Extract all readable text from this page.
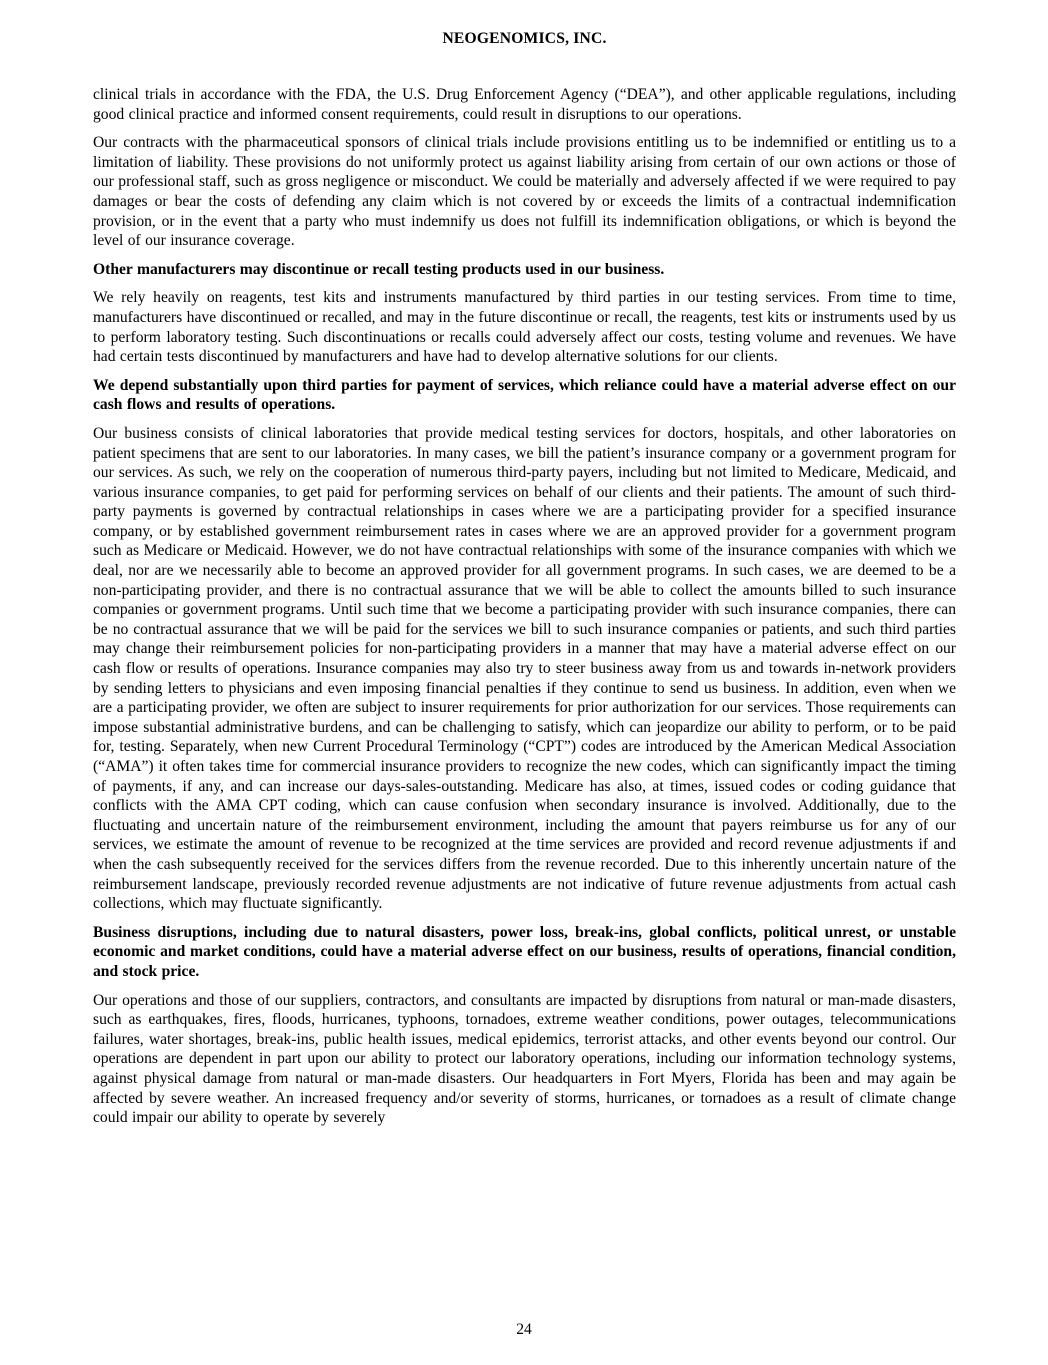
NEOGENOMICS, INC.

clinical trials in accordance with the FDA, the U.S. Drug Enforcement Agency (“DEA”), and other applicable regulations, including good clinical practice and informed consent requirements, could result in disruptions to our operations.

Our contracts with the pharmaceutical sponsors of clinical trials include provisions entitling us to be indemnified or entitling us to a limitation of liability. These provisions do not uniformly protect us against liability arising from certain of our own actions or those of our professional staff, such as gross negligence or misconduct. We could be materially and adversely affected if we were required to pay damages or bear the costs of defending any claim which is not covered by or exceeds the limits of a contractual indemnification provision, or in the event that a party who must indemnify us does not fulfill its indemnification obligations, or which is beyond the level of our insurance coverage.

Other manufacturers may discontinue or recall testing products used in our business.

We rely heavily on reagents, test kits and instruments manufactured by third parties in our testing services. From time to time, manufacturers have discontinued or recalled, and may in the future discontinue or recall, the reagents, test kits or instruments used by us to perform laboratory testing. Such discontinuations or recalls could adversely affect our costs, testing volume and revenues. We have had certain tests discontinued by manufacturers and have had to develop alternative solutions for our clients.

We depend substantially upon third parties for payment of services, which reliance could have a material adverse effect on our cash flows and results of operations.

Our business consists of clinical laboratories that provide medical testing services for doctors, hospitals, and other laboratories on patient specimens that are sent to our laboratories. In many cases, we bill the patient’s insurance company or a government program for our services. As such, we rely on the cooperation of numerous third-party payers, including but not limited to Medicare, Medicaid, and various insurance companies, to get paid for performing services on behalf of our clients and their patients. The amount of such third-party payments is governed by contractual relationships in cases where we are a participating provider for a specified insurance company, or by established government reimbursement rates in cases where we are an approved provider for a government program such as Medicare or Medicaid. However, we do not have contractual relationships with some of the insurance companies with which we deal, nor are we necessarily able to become an approved provider for all government programs. In such cases, we are deemed to be a non-participating provider, and there is no contractual assurance that we will be able to collect the amounts billed to such insurance companies or government programs. Until such time that we become a participating provider with such insurance companies, there can be no contractual assurance that we will be paid for the services we bill to such insurance companies or patients, and such third parties may change their reimbursement policies for non-participating providers in a manner that may have a material adverse effect on our cash flow or results of operations. Insurance companies may also try to steer business away from us and towards in-network providers by sending letters to physicians and even imposing financial penalties if they continue to send us business. In addition, even when we are a participating provider, we often are subject to insurer requirements for prior authorization for our services. Those requirements can impose substantial administrative burdens, and can be challenging to satisfy, which can jeopardize our ability to perform, or to be paid for, testing. Separately, when new Current Procedural Terminology (“CPT”) codes are introduced by the American Medical Association (“AMA”) it often takes time for commercial insurance providers to recognize the new codes, which can significantly impact the timing of payments, if any, and can increase our days-sales-outstanding. Medicare has also, at times, issued codes or coding guidance that conflicts with the AMA CPT coding, which can cause confusion when secondary insurance is involved. Additionally, due to the fluctuating and uncertain nature of the reimbursement environment, including the amount that payers reimburse us for any of our services, we estimate the amount of revenue to be recognized at the time services are provided and record revenue adjustments if and when the cash subsequently received for the services differs from the revenue recorded. Due to this inherently uncertain nature of the reimbursement landscape, previously recorded revenue adjustments are not indicative of future revenue adjustments from actual cash collections, which may fluctuate significantly.

Business disruptions, including due to natural disasters, power loss, break-ins, global conflicts, political unrest, or unstable economic and market conditions, could have a material adverse effect on our business, results of operations, financial condition, and stock price.

Our operations and those of our suppliers, contractors, and consultants are impacted by disruptions from natural or man-made disasters, such as earthquakes, fires, floods, hurricanes, typhoons, tornadoes, extreme weather conditions, power outages, telecommunications failures, water shortages, break-ins, public health issues, medical epidemics, terrorist attacks, and other events beyond our control. Our operations are dependent in part upon our ability to protect our laboratory operations, including our information technology systems, against physical damage from natural or man-made disasters. Our headquarters in Fort Myers, Florida has been and may again be affected by severe weather. An increased frequency and/or severity of storms, hurricanes, or tornadoes as a result of climate change could impair our ability to operate by severely

24
